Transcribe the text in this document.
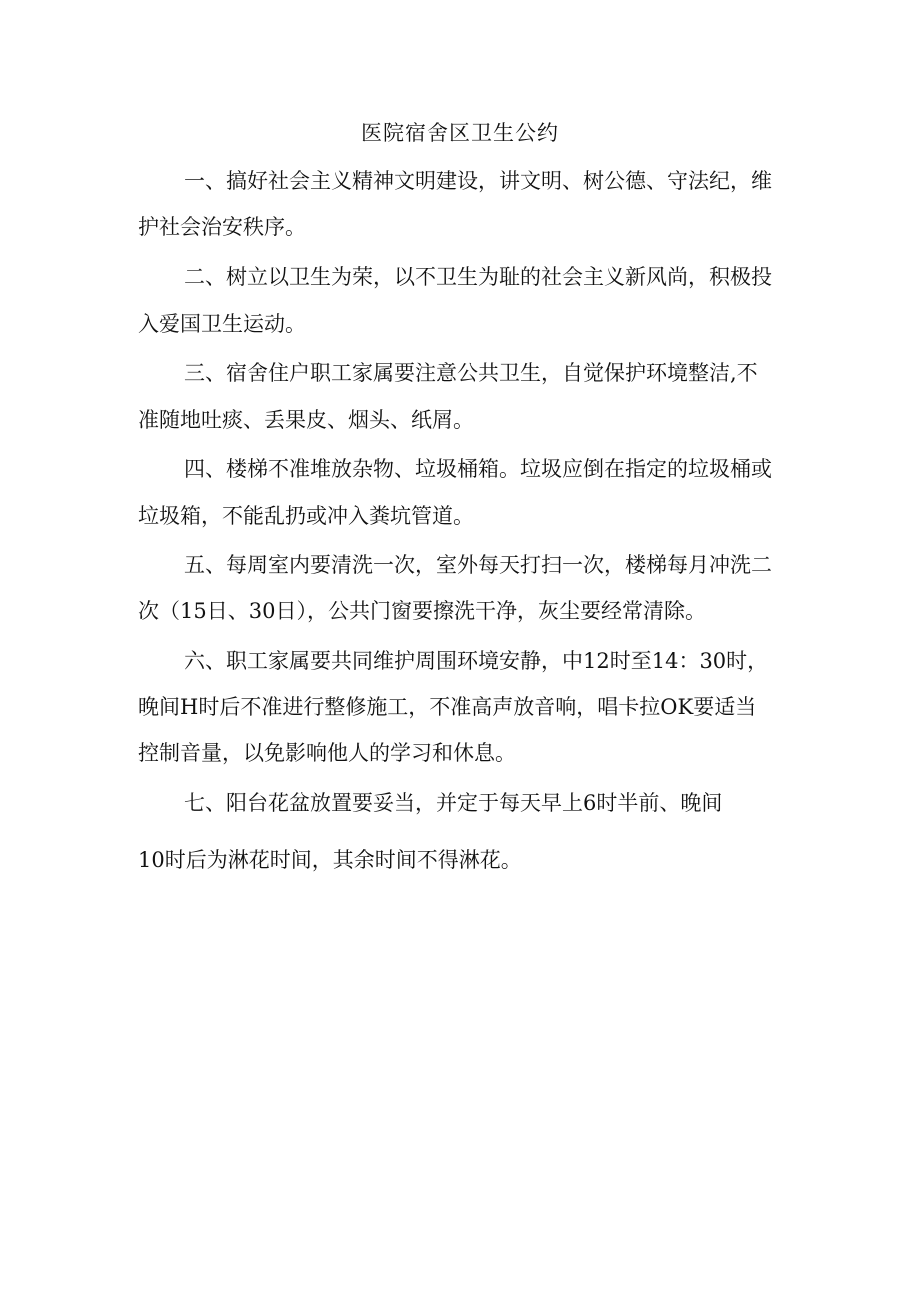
医院宿舍区卫生公约
一、搞好社会主义精神文明建设，讲文明、树公德、守法纪，维
护社会治安秩序。
二、树立以卫生为荣，以不卫生为耻的社会主义新风尚，积极投
入爱国卫生运动。
三、宿舍住户职工家属要注意公共卫生，自觉保护环境整洁,不
准随地吐痰、丢果皮、烟头、纸屑。
四、楼梯不准堆放杂物、垃圾桶箱。垃圾应倒在指定的垃圾桶或
垃圾箱，不能乱扔或冲入粪坑管道。
五、每周室内要清洗一次，室外每天打扫一次，楼梯每月冲洗二
次（15日、30日），公共门窗要擦洗干净，灰尘要经常清除。
六、职工家属要共同维护周围环境安静，中12时至14：30时，
晚间H时后不准进行整修施工，不准高声放音响，唱卡拉OK要适当
控制音量，以免影响他人的学习和休息。
七、阳台花盆放置要妥当，并定于每天早上6时半前、晚间
10时后为淋花时间，其余时间不得淋花。
